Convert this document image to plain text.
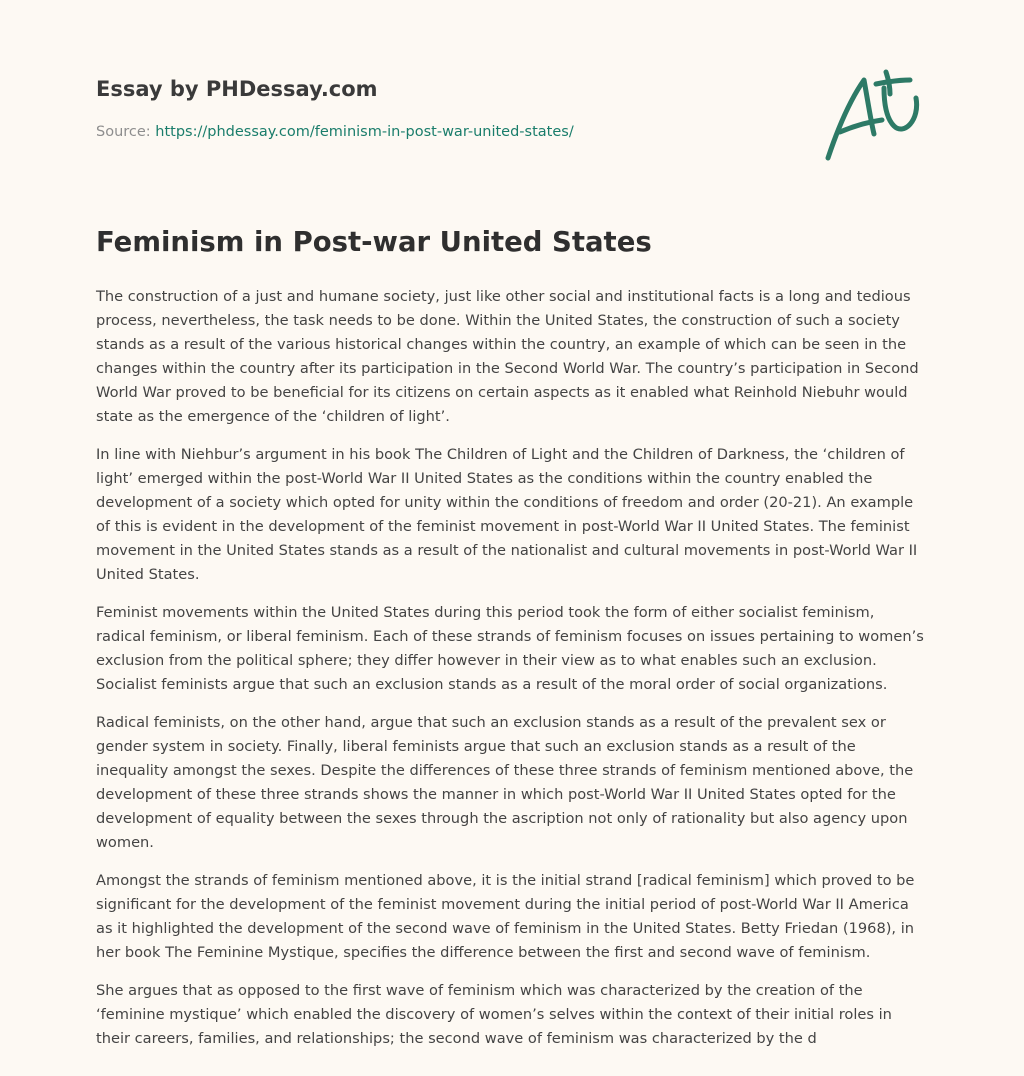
Essay by PHDessay.com
Source: https://phdessay.com/feminism-in-post-war-united-states/
Feminism in Post-war United States

The construction of a just and humane society, just like other social and institutional facts is a long and tedious process, nevertheless, the task needs to be done. Within the United States, the construction of such a society stands as a result of the various historical changes within the country, an example of which can be seen in the changes within the country after its participation in the Second World War. The country’s participation in Second World War proved to be beneficial for its citizens on certain aspects as it enabled what Reinhold Niebuhr would state as the emergence of the ‘children of light’.

In line with Niehbur’s argument in his book The Children of Light and the Children of Darkness, the ‘children of light’ emerged within the post-World War II United States as the conditions within the country enabled the development of a society which opted for unity within the conditions of freedom and order (20-21). An example of this is evident in the development of the feminist movement in post-World War II United States. The feminist movement in the United States stands as a result of the nationalist and cultural movements in post-World War II United States.

Feminist movements within the United States during this period took the form of either socialist feminism, radical feminism, or liberal feminism. Each of these strands of feminism focuses on issues pertaining to women’s exclusion from the political sphere; they differ however in their view as to what enables such an exclusion. Socialist feminists argue that such an exclusion stands as a result of the moral order of social organizations.

Radical feminists, on the other hand, argue that such an exclusion stands as a result of the prevalent sex or gender system in society. Finally, liberal feminists argue that such an exclusion stands as a result of the inequality amongst the sexes. Despite the differences of these three strands of feminism mentioned above, the development of these three strands shows the manner in which post-World War II United States opted for the development of equality between the sexes through the ascription not only of rationality but also agency upon women.

Amongst the strands of feminism mentioned above, it is the initial strand [radical feminism] which proved to be significant for the development of the feminist movement during the initial period of post-World War II America as it highlighted the development of the second wave of feminism in the United States. Betty Friedan (1968), in her book The Feminine Mystique, specifies the difference between the first and second wave of feminism.

She argues that as opposed to the first wave of feminism which was characterized by the creation of the ‘feminine mystique’ which enabled the discovery of women’s selves within the context of their initial roles in their careers, families, and relationships; the second wave of feminism was characterized by the d
